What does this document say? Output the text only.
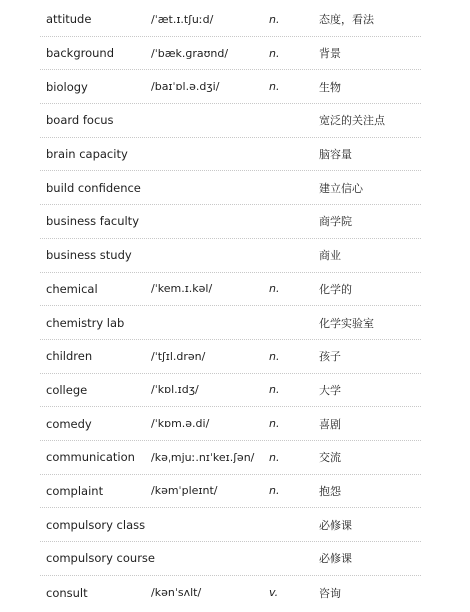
attitude	/ˈæt.ɪ.tʃuːd/	n.	态度，看法
background	/ˈbæk.ɡraʊnd/	n.	背景
biology	/baɪˈɒl.ə.dʒi/	n.	生物
board focus	宽泛的关注点
brain capacity	脑容量
build confidence	建立信心
business faculty	商学院
business study	商业
chemical	/ˈkem.ɪ.kəl/	n.	化学的
chemistry lab	化学实验室
children	/ˈtʃɪl.drən/	n.	孩子
college	/ˈkɒl.ɪdʒ/	n.	大学
comedy	/ˈkɒm.ə.di/	n.	喜剧
communication /kəˌmjuː.nɪˈkeɪ.ʃən/ n.	交流
complaint	/kəmˈpleɪnt/	n.	抱怨
compulsory class	必修课
compulsory course	必修课
consult	/kənˈsʌlt/	v.	咨询
